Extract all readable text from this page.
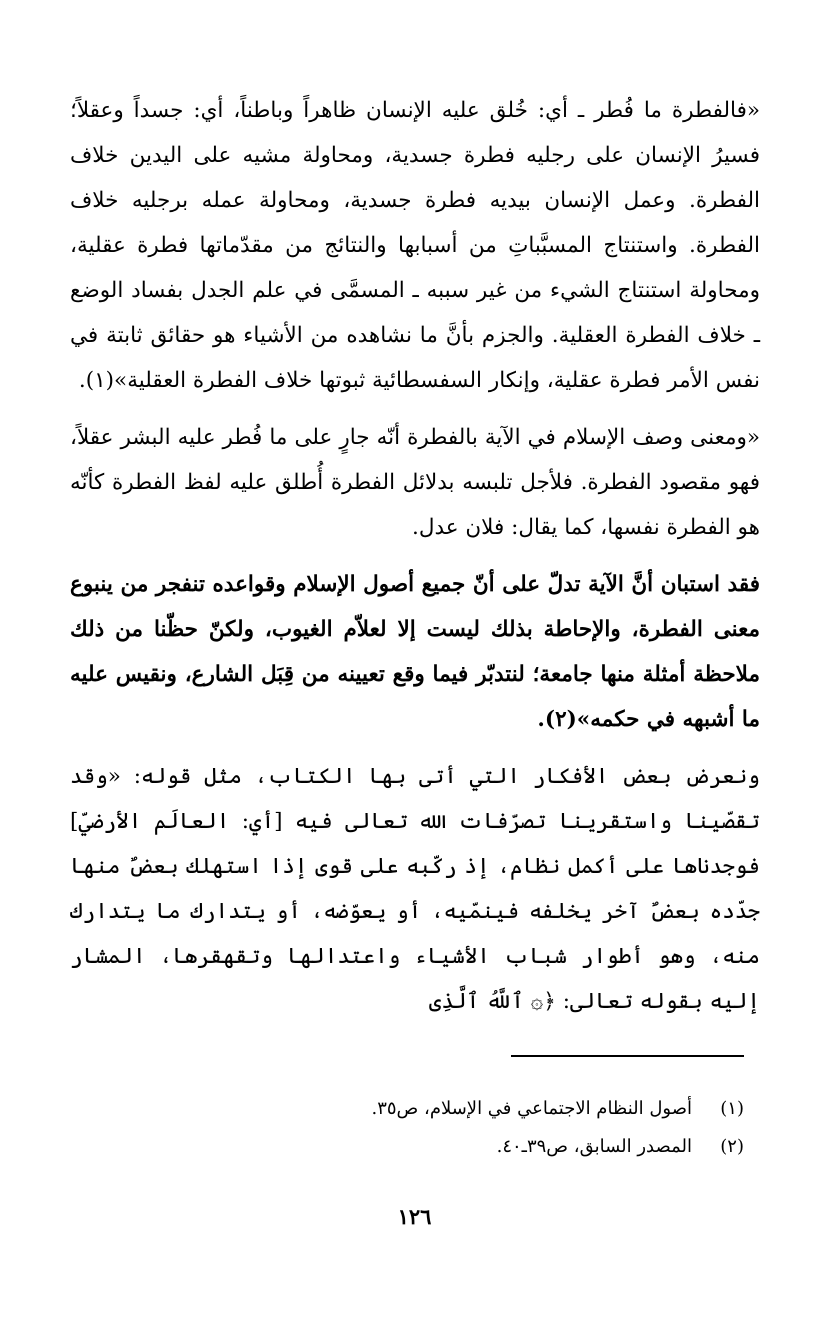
«فالفطرة ما فُطر ـ أي: خُلق عليه الإنسان ظاهراً وباطناً، أي: جسداً وعقلاً؛ فسيرُ الإنسان على رجليه فطرة جسدية، ومحاولة مشيه على اليدين خلاف الفطرة. وعمل الإنسان بيديه فطرة جسدية، ومحاولة عمله برجليه خلاف الفطرة. واستنتاج المسبَّباتِ من أسبابها والنتائج من مقدّماتها فطرة عقلية، ومحاولة استنتاج الشيء من غير سببه ـ المسمَّى في علم الجدل بفساد الوضع ـ خلاف الفطرة العقلية. والجزم بأنَّ ما نشاهده من الأشياء هو حقائق ثابتة في نفس الأمر فطرة عقلية، وإنكار السفسطائية ثبوتها خلاف الفطرة العقلية»(١).

«ومعنى وصف الإسلام في الآية بالفطرة أنّه جارٍ على ما فُطر عليه البشر عقلاً، فهو مقصود الفطرة. فلأجل تلبسه بدلائل الفطرة أُطلق عليه لفظ الفطرة كأنّه هو الفطرة نفسها، كما يقال: فلان عدل.

فقد استبان أنَّ الآية تدلّ على أنّ جميع أصول الإسلام وقواعده تنفجر من ينبوع معنى الفطرة، والإحاطة بذلك ليست إلا لعلاّم الغيوب، ولكنّ حظّنا من ذلك ملاحظة أمثلة منها جامعة؛ لنتدبّر فيما وقع تعيينه من قِبَل الشارع، ونقيس عليه ما أشبهه في حكمه»(٢).

ونعرض بعض الأفكار التي أتى بها الكتاب، مثل قوله: «وقد تقصّينا واستقرينا تصرّفات الله تعالى فيه [أي: العالَم الأرضيّ] فوجدناها على أكمل نظام، إذ ركّبه على قوى إذا استهلك بعضٌ منها جدّده بعضٌ آخر يخلفه فينمّيه، أو يعوّضه، أو يتدارك ما يتدارك منه، وهو أطوار شباب الأشياء واعتدالها وتقهقرها، المشار إليه بقوله تعالى: ﴿۞ ٱللَّهُ ٱلَّذِى

(١)
أصول النظام الاجتماعي في الإسلام، ص٣٥.
(٢)
المصدر السابق، ص٣٩ـ٤٠.
١٢٦
